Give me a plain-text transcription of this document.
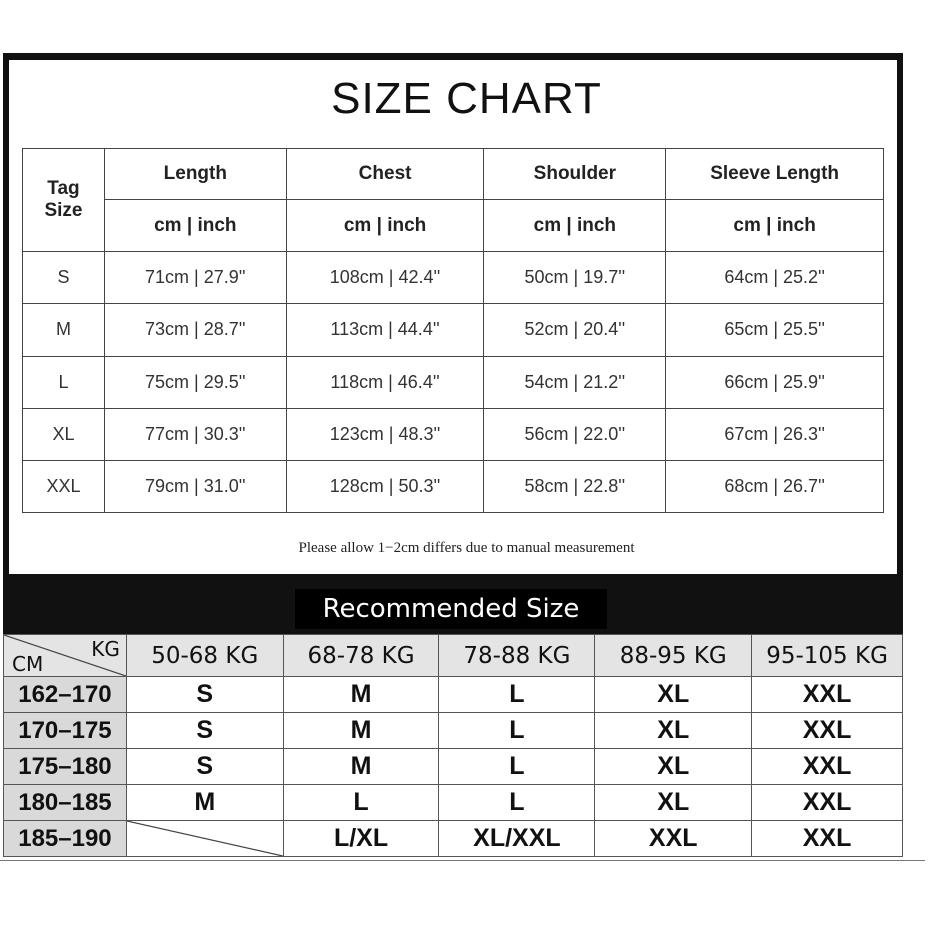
SIZE CHART
Tag
Size	Length	Chest	Shoulder	Sleeve Length
	cm | inch	cm | inch	cm | inch	cm | inch
S	71cm | 27.9''	108cm | 42.4''	50cm | 19.7''	64cm | 25.2''
M	73cm | 28.7''	113cm | 44.4''	52cm | 20.4''	65cm | 25.5''
L	75cm | 29.5''	118cm | 46.4''	54cm | 21.2''	66cm | 25.9''
XL	77cm | 30.3''	123cm | 48.3''	56cm | 22.0''	67cm | 26.3''
XXL	79cm | 31.0''	128cm | 50.3''	58cm | 22.8''	68cm | 26.7''
Please allow 1−2cm differs due to manual measurement
Recommended Size
KG
CM	50-68 KG	68-78 KG	78-88 KG	88-95 KG	95-105 KG
162–170	S	M	L	XL	XXL
170–175	S	M	L	XL	XXL
175–180	S	M	L	XL	XXL
180–185	M	L	L	XL	XXL
185–190		L/XL	XL/XXL	XXL	XXL
